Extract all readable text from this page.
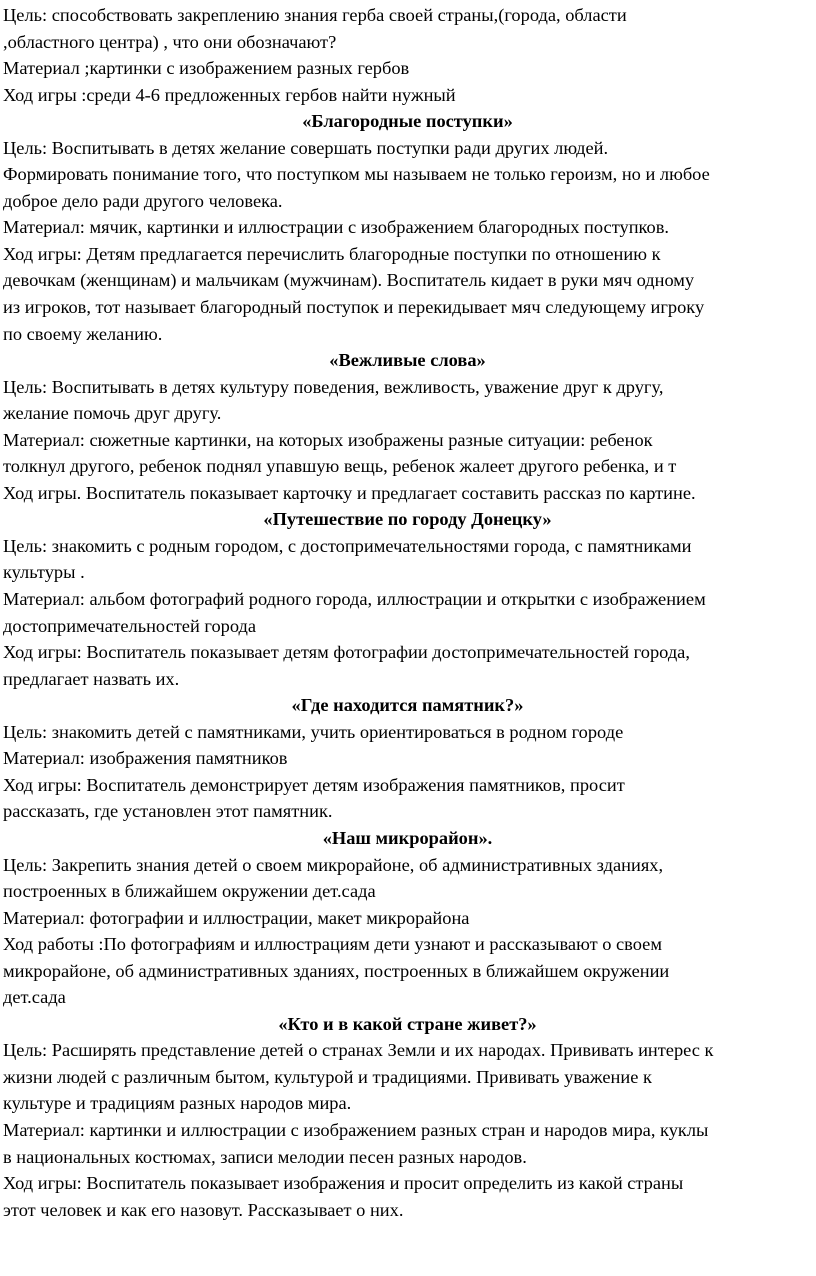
Цель: способствовать закреплению знания герба своей страны,(города, области
,областного центра) , что они обозначают?
Материал ;картинки с изображением разных гербов
Ход игры :среди 4-6 предложенных гербов найти нужный
«Благородные поступки»
Цель: Воспитывать в детях желание совершать поступки ради других людей.
Формировать понимание того, что поступком мы называем не только героизм, но и любое
доброе дело ради другого человека.
Материал: мячик, картинки и иллюстрации с изображением благородных поступков.
Ход игры: Детям предлагается перечислить благородные поступки по отношению к
девочкам (женщинам) и мальчикам (мужчинам). Воспитатель кидает в руки мяч одному
из игроков, тот называет благородный поступок и перекидывает мяч следующему игроку
по своему желанию.
«Вежливые слова»
Цель: Воспитывать в детях культуру поведения, вежливость, уважение друг к другу,
желание помочь друг другу.
Материал: сюжетные картинки, на которых изображены разные ситуации: ребенок
толкнул другого, ребенок поднял упавшую вещь, ребенок жалеет другого ребенка, и т
Ход игры. Воспитатель показывает карточку и предлагает составить рассказ по картине.
«Путешествие по городу Донецку»
Цель: знакомить с родным городом, с достопримечательностями города, с памятниками
культуры .
Материал: альбом фотографий родного города, иллюстрации и открытки с изображением
достопримечательностей города
Ход игры: Воспитатель показывает детям фотографии достопримечательностей города,
предлагает назвать их.
«Где находится памятник?»
Цель: знакомить детей с памятниками, учить ориентироваться в родном городе
Материал: изображения памятников
Ход игры: Воспитатель демонстрирует детям изображения памятников, просит
рассказать, где установлен этот памятник.
«Наш микрорайон».
Цель: Закрепить знания детей о своем микрорайоне, об административных зданиях,
построенных в ближайшем окружении дет.сада
Материал: фотографии и иллюстрации, макет микрорайона
Ход работы :По фотографиям и иллюстрациям дети узнают и рассказывают о своем
микрорайоне, об административных зданиях, построенных в ближайшем окружении
дет.сада
«Кто и в какой стране живет?»
Цель: Расширять представление детей о странах Земли и их народах. Прививать интерес к
жизни людей с различным бытом, культурой и традициями. Прививать уважение к
культуре и традициям разных народов мира.
Материал: картинки и иллюстрации с изображением разных стран и народов мира, куклы
в национальных костюмах, записи мелодии песен разных народов.
Ход игры: Воспитатель показывает изображения и просит определить из какой страны
этот человек и как его назовут. Рассказывает о них.
